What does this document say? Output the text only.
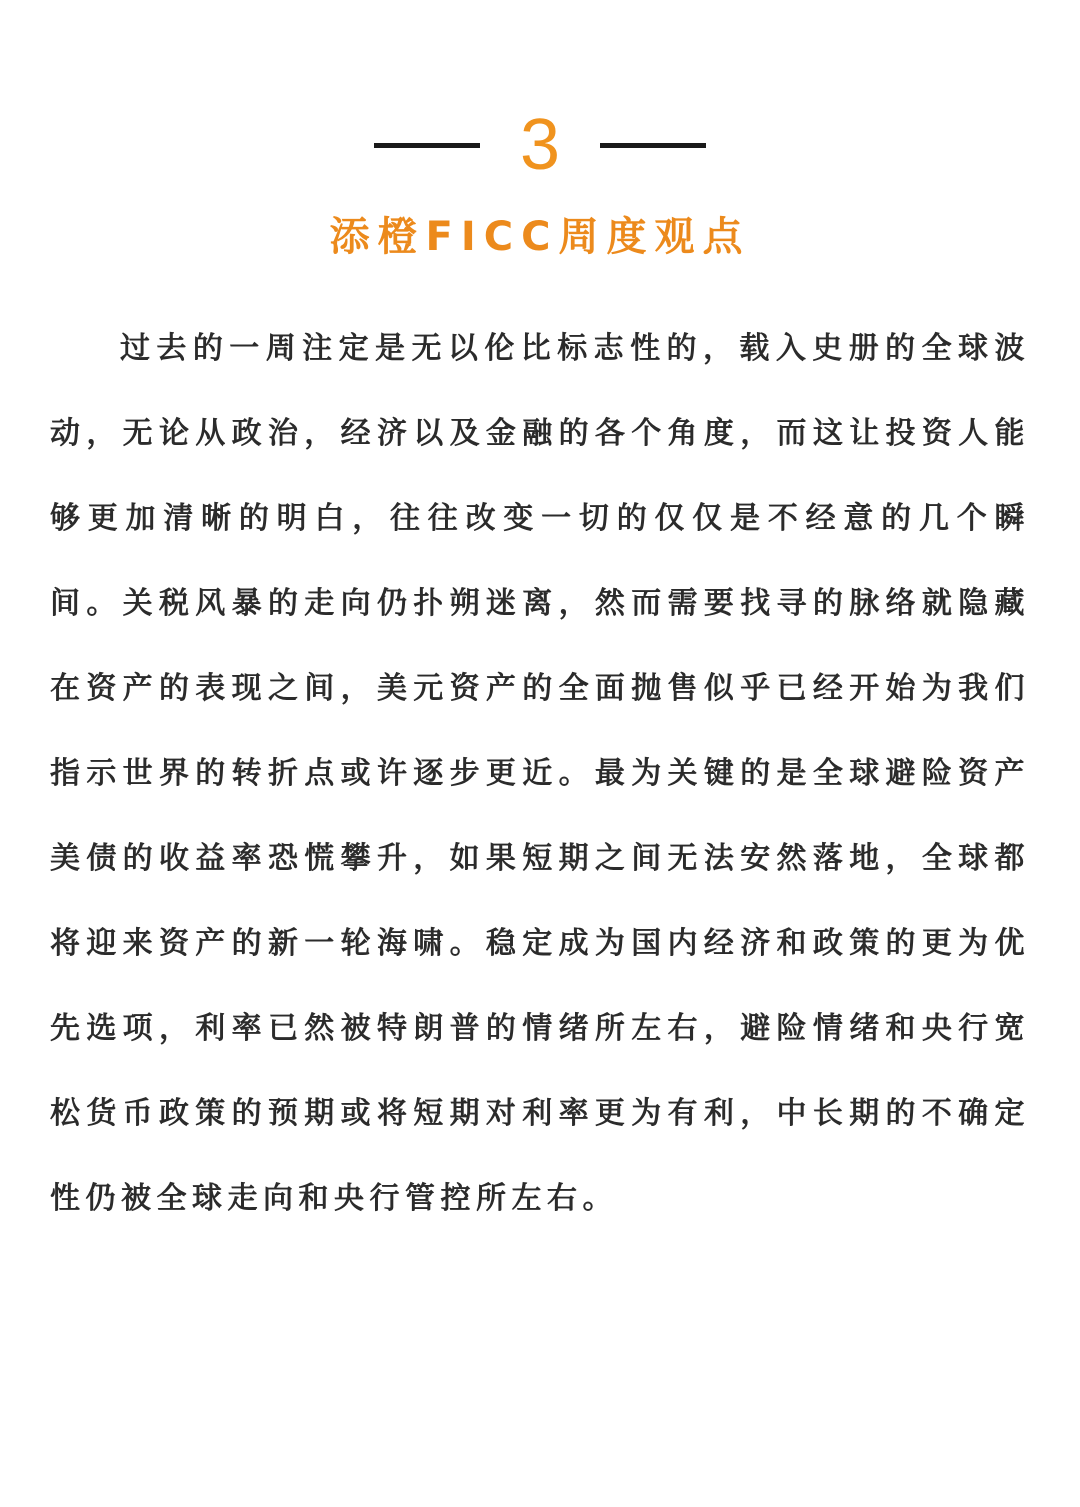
3
添橙FICC周度观点

过去的一周注定是无以伦比标志性的，载入史册的全球波动，无论从政治，经济以及金融的各个角度，而这让投资人能够更加清晰的明白，往往改变一切的仅仅是不经意的几个瞬间。关税风暴的走向仍扑朔迷离，然而需要找寻的脉络就隐藏在资产的表现之间，美元资产的全面抛售似乎已经开始为我们指示世界的转折点或许逐步更近。最为关键的是全球避险资产美债的收益率恐慌攀升，如果短期之间无法安然落地，全球都将迎来资产的新一轮海啸。稳定成为国内经济和政策的更为优先选项，利率已然被特朗普的情绪所左右，避险情绪和央行宽松货币政策的预期或将短期对利率更为有利，中长期的不确定性仍被全球走向和央行管控所左右。
